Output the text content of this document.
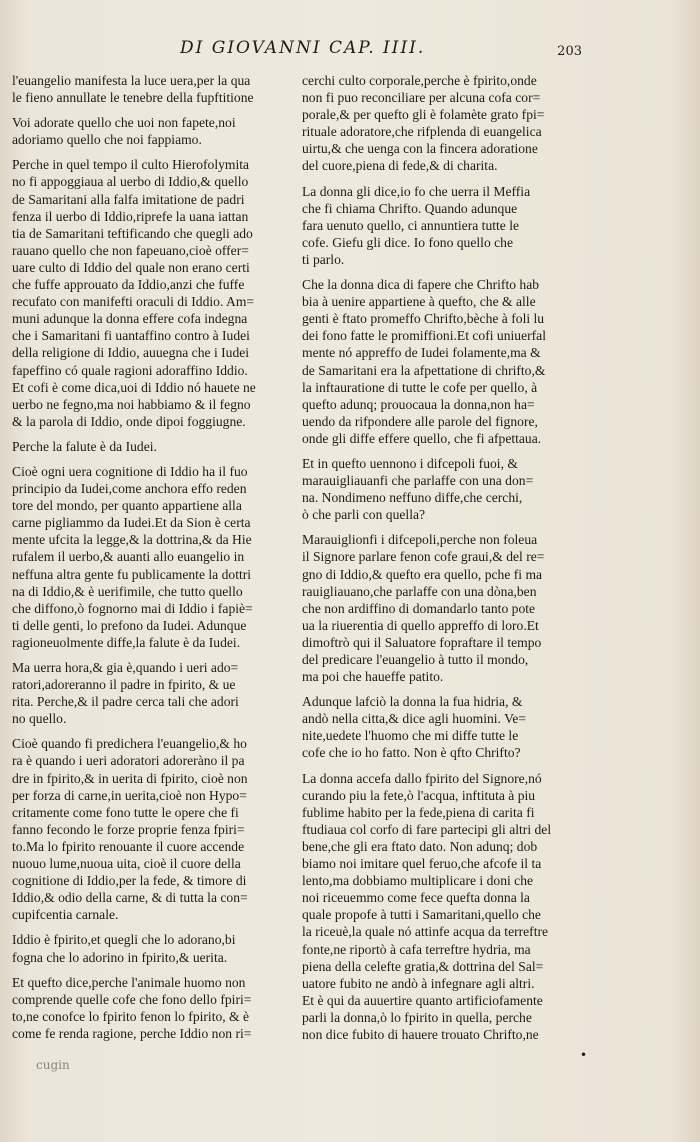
DI GIOVANNI CAP. IIII.	203
l'euangelio manifesta la luce uera,per la qua
le fieno annullate le tenebre della fupftitione
Voi adorate quello che uoi non fapete,noi
adoriamo quello che noi fappiamo.
Perche in quel tempo il culto Hierofolymita
no fi appoggiaua al uerbo di Iddio,& quello
de Samaritani alla falfa imitatione de padri
fenza il uerbo di Iddio,riprefe la uana iattan
tia de Samaritani teftificando che quegli ado
rauano quello che non fapeuano,cioè offer=
uare culto di Iddio del quale non erano certi
che fuffe approuato da Iddio,anzi che fuffe
recufato con manifefti oraculi di Iddio. Am=
muni adunque la donna effere cofa indegna
che i Samaritani fi uantaffino contro à Iudei
della religione di Iddio, auuegna che i Iudei
fapeffino có quale ragioni adoraffino Iddio.
Et cofi è come dica,uoi di Iddio nó hauete ne
uerbo ne fegno,ma noi habbiamo & il fegno
& la parola di Iddio, onde dipoi foggiugne.
Perche la falute è da Iudei.
Cioè ogni uera cognitione di Iddio ha il fuo
principio da Iudei,come anchora effo reden
tore del mondo, per quanto appartiene alla
carne pigliammo da Iudei.Et da Sion è certa
mente ufcita la legge,& la dottrina,& da Hie
rufalem il uerbo,& auanti allo euangelio in
neffuna altra gente fu publicamente la dottri
na di Iddio,& è uerifimile, che tutto quello
che diffono,ò fognorno mai di Iddio i fapiè=
ti delle genti, lo prefono da Iudei. Adunque
ragioneuolmente diffe,la falute è da Iudei.
Ma uerra hora,& gia è,quando i ueri ado=
ratori,adoreranno il padre in fpirito, & ue
rita. Perche,& il padre cerca tali che adori
no quello.
Cioè quando fi predichera l'euangelio,& ho
ra è quando i ueri adoratori adoreràno il pa
dre in fpirito,& in uerita di fpirito, cioè non
per forza di carne,in uerita,cioè non Hypo=
critamente come fono tutte le opere che fi
fanno fecondo le forze proprie fenza fpiri=
to.Ma lo fpirito renouante il cuore accende
nuouo lume,nuoua uita, cioè il cuore della
cognitione di Iddio,per la fede, & timore di
Iddio,& odio della carne, & di tutta la con=
cupifcentia carnale.
Iddio è fpirito,et quegli che lo adorano,bi
fogna che lo adorino in fpirito,& uerita.
Et quefto dice,perche l'animale huomo non
comprende quelle cofe che fono dello fpiri=
to,ne conofce lo fpirito fenon lo fpirito, & è
come fe renda ragione, perche Iddio non ri=
cerchi culto corporale,perche è fpirito,onde
non fi puo reconciliare per alcuna cofa cor=
porale,& per quefto gli è folamète grato fpi=
rituale adoratore,che rifplenda di euangelica
uirtu,& che uenga con la fincera adoratione
del cuore,piena di fede,& di charita.
La donna gli dice,io fo che uerra il Meffia
che fi chiama Chrifto. Quando adunque
fara uenuto quello, ci annuntiera tutte le
cofe. Giefu gli dice. Io fono quello che
ti parlo.
Che la donna dica di fapere che Chrifto hab
bia à uenire appartiene à quefto, che & alle
genti è ftato promeffo Chrifto,bèche à foli lu
dei fono fatte le promiffioni.Et cofi uniuerfal
mente nó appreffo de Iudei folamente,ma &
de Samaritani era la afpettatione di chrifto,&
la inftauratione di tutte le cofe per quello, à
quefto adunq; prouocaua la donna,non ha=
uendo da rifpondere alle parole del fignore,
onde gli diffe effere quello, che fi afpettaua.
Et in quefto uennono i difcepoli fuoi, &
marauigliauanfi che parlaffe con una don=
na. Nondimeno neffuno diffe,che cerchi,
ò che parli con quella?
Marauiglionfi i difcepoli,perche non foleua
il Signore parlare fenon cofe graui,& del re=
gno di Iddio,& quefto era quello, pche fi ma
rauigliauano,che parlaffe con una dòna,ben
che non ardiffino di domandarlo tanto pote
ua la riuerentia di quello appreffo di loro.Et
dimoftrò qui il Saluatore fopraftare il tempo
del predicare l'euangelio à tutto il mondo,
ma poi che haueffe patito.
Adunque lafciò la donna la fua hidria, &
andò nella citta,& dice agli huomini. Ve=
nite,uedete l'huomo che mi diffe tutte le
cofe che io ho fatto. Non è qfto Chrifto?
La donna accefa dallo fpirito del Signore,nó
curando piu la fete,ò l'acqua, inftituta à piu
fublime habito per la fede,piena di carita fi
ftudiaua col corfo di fare partecipi gli altri del
bene,che gli era ftato dato. Non adunq; dob
biamo noi imitare quel feruo,che afcofe il ta
lento,ma dobbiamo multiplicare i doni che
noi riceuemmo come fece quefta donna la
quale propofe à tutti i Samaritani,quello che
la riceuè,la quale nó attinfe acqua da terreftre
fonte,ne riportò à cafa terreftre hydria, ma
piena della celefte gratia,& dottrina del Sal=
uatore fubito ne andò à infegnare agli altri.
Et è qui da auuertire quanto artificiofamente
parli la donna,ò lo fpirito in quella, perche
non dice fubito di hauere trouato Chrifto,ne
cugin
•
